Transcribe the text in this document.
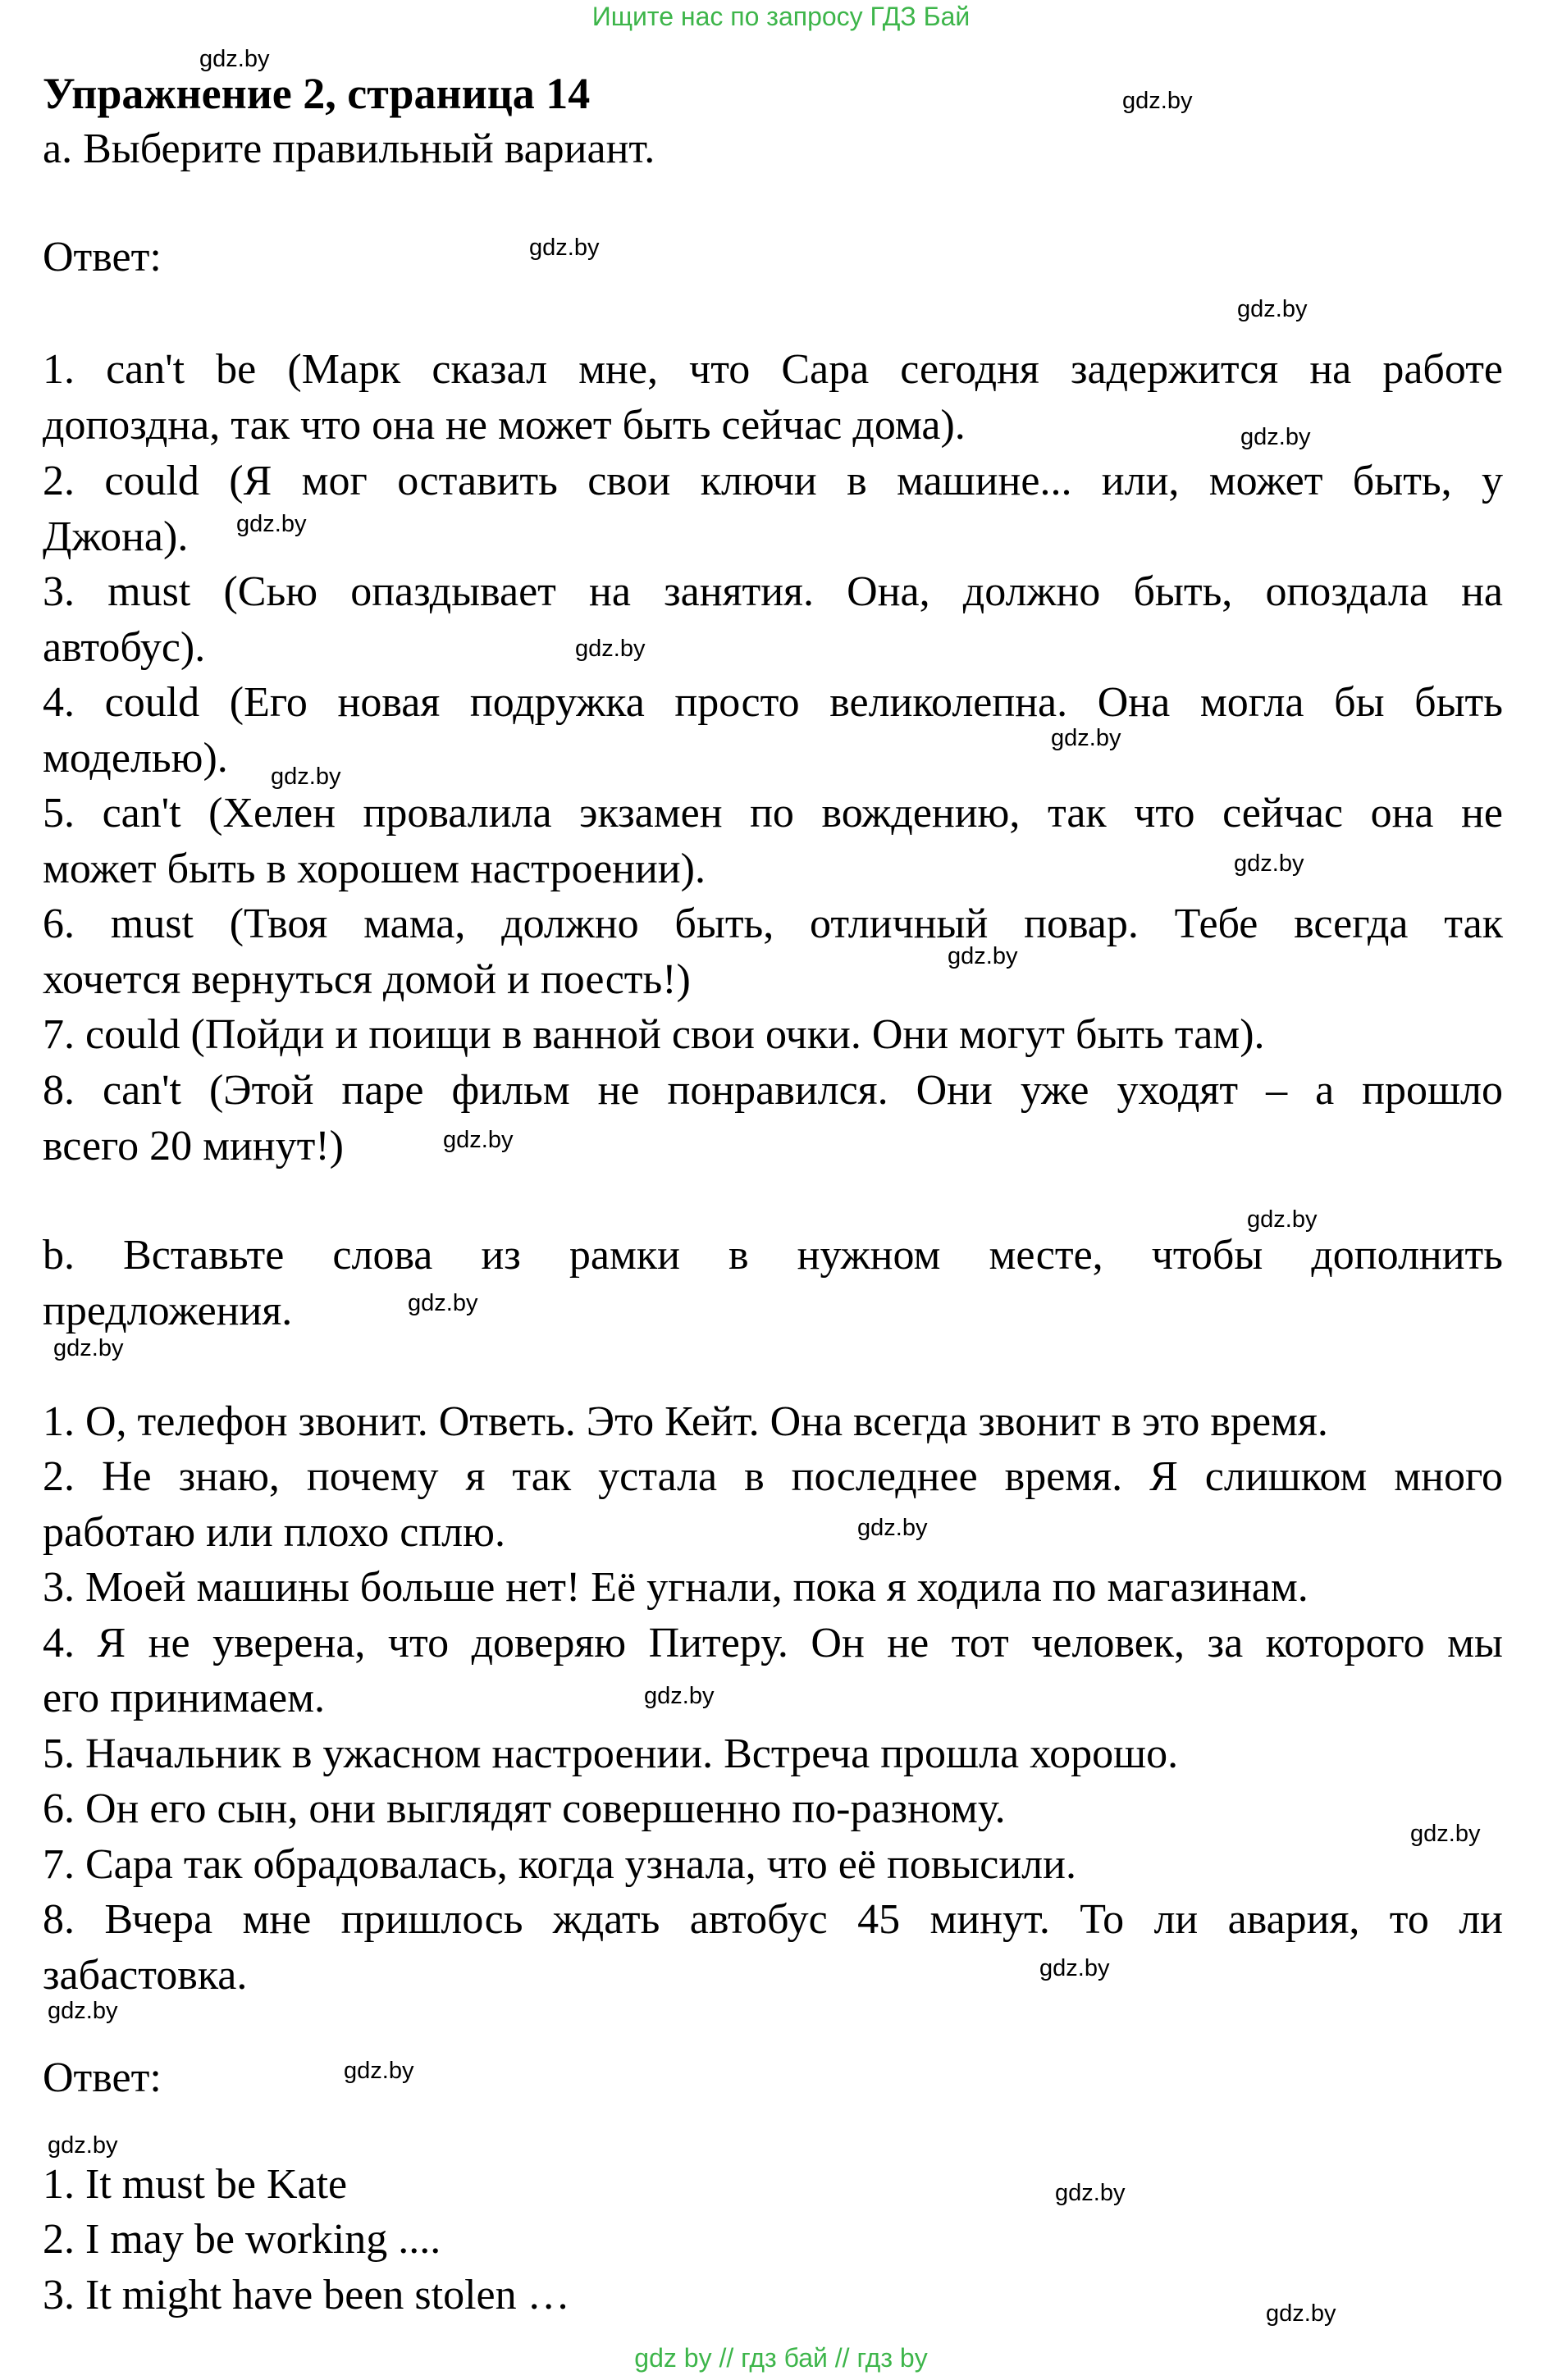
Ищите нас по запросу ГДЗ Бай
Упражнение 2, страница 14
а. Выберите правильный вариант.
Ответ:
1. can't be (Марк сказал мне, что Сара сегодня задержится на работе
допоздна, так что она не может быть сейчас дома).
2. could (Я мог оставить свои ключи в машине... или, может быть, у
Джона).
3. must (Сью опаздывает на занятия. Она, должно быть, опоздала на
автобус).
4. could (Его новая подружка просто великолепна. Она могла бы быть
моделью).
5. can't (Хелен провалила экзамен по вождению, так что сейчас она не
может быть в хорошем настроении).
6. must (Твоя мама, должно быть, отличный повар. Тебе всегда так
хочется вернуться домой и поесть!)
7. could (Пойди и поищи в ванной свои очки. Они могут быть там).
8. can't (Этой паре фильм не понравился. Они уже уходят – а прошло
всего 20 минут!)
b. Вставьте слова из рамки в нужном месте, чтобы дополнить
предложения.
1. О, телефон звонит. Ответь. Это Кейт. Она всегда звонит в это время.
2. Не знаю, почему я так устала в последнее время. Я слишком много
работаю или плохо сплю.
3. Моей машины больше нет! Её угнали, пока я ходила по магазинам.
4. Я не уверена, что доверяю Питеру. Он не тот человек, за которого мы
его принимаем.
5. Начальник в ужасном настроении. Встреча прошла хорошо.
6. Он его сын, они выглядят совершенно по-разному.
7. Сара так обрадовалась, когда узнала, что её повысили.
8. Вчера мне пришлось ждать автобус 45 минут. То ли авария, то ли
забастовка.
Ответ:
1. It must be Kate
2. I may be working ....
3. It might have been stolen …
gdz.by
gdz.by
gdz.by
gdz.by
gdz.by
gdz.by
gdz.by
gdz.by
gdz.by
gdz.by
gdz.by
gdz.by
gdz.by
gdz.by
gdz.by
gdz.by
gdz.by
gdz.by
gdz.by
gdz.by
gdz.by
gdz.by
gdz.by
gdz.by
gdz by // гдз бай // гдз by
